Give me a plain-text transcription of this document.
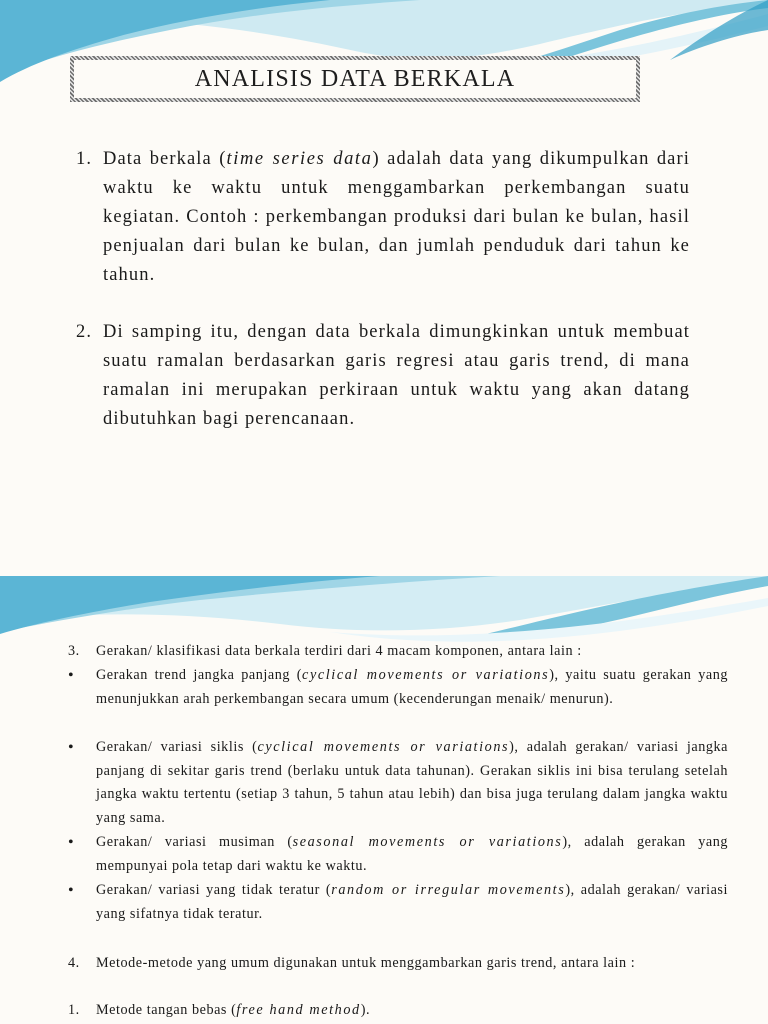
ANALISIS DATA BERKALA
1. Data berkala (time series data) adalah data yang dikumpulkan dari waktu ke waktu untuk menggambarkan perkembangan suatu kegiatan. Contoh : perkembangan produksi dari bulan ke bulan, hasil penjualan dari bulan ke bulan, dan jumlah penduduk dari tahun ke tahun.
2. Di samping itu, dengan data berkala dimungkinkan untuk membuat suatu ramalan berdasarkan garis regresi atau garis trend, di mana ramalan ini merupakan perkiraan untuk waktu yang akan datang dibutuhkan bagi perencanaan.
3.	Gerakan/ klasifikasi data berkala terdiri dari 4 macam komponen, antara lain :
•
Gerakan trend jangka panjang (cyclical movements or variations), yaitu suatu gerakan yang menunjukkan arah perkembangan secara umum (kecenderungan menaik/ menurun).
•
Gerakan/ variasi siklis (cyclical movements or variations), adalah gerakan/ variasi jangka panjang di sekitar garis trend (berlaku untuk data tahunan). Gerakan siklis ini bisa terulang setelah jangka waktu tertentu (setiap 3 tahun, 5 tahun atau lebih) dan bisa juga terulang dalam jangka waktu yang sama.
•
Gerakan/ variasi musiman (seasonal movements or variations), adalah gerakan yang mempunyai pola tetap dari waktu ke waktu.
•
Gerakan/ variasi yang tidak teratur (random or irregular movements), adalah gerakan/ variasi yang sifatnya tidak teratur.
4.	Metode-metode yang umum digunakan untuk menggambarkan garis trend, antara lain :
1.	Metode tangan bebas (free hand method).
